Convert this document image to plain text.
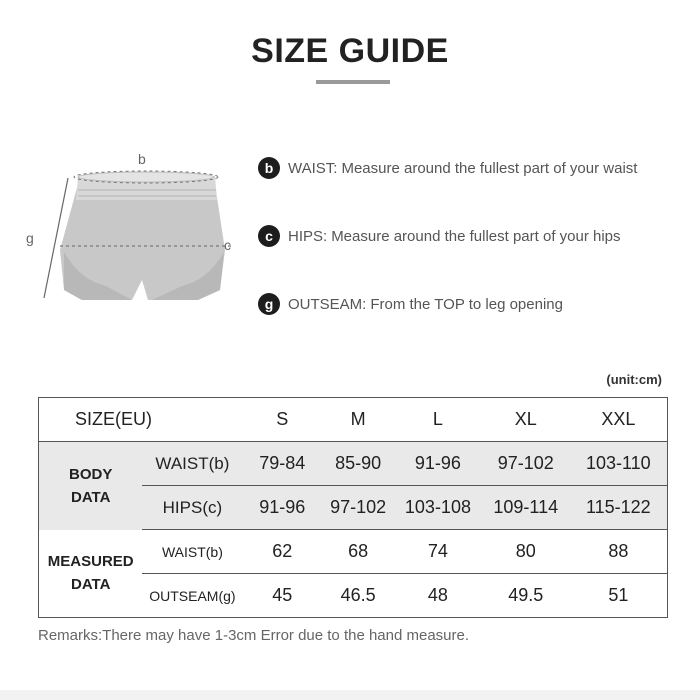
SIZE GUIDE
b
c
g
b WAIST: Measure around the fullest part of your waist
c	HIPS: Measure around the fullest part of your hips
g OUTSEAM: From the TOP to leg opening
(unit:cm)
SIZE(EU)		S	M	L	XL	XXL

BODY
DATA	WAIST(b)	79-84	85-90	91-96	97-102	103-110
	HIPS(c)	91-96	97-102	103-108	109-114	115-122

MEASURED
DATA	WAIST(b)	62	68	74	80	88
	OUTSEAM(g)	45	46.5	48	49.5	51
Remarks:There may have 1-3cm Error due to the hand measure.
